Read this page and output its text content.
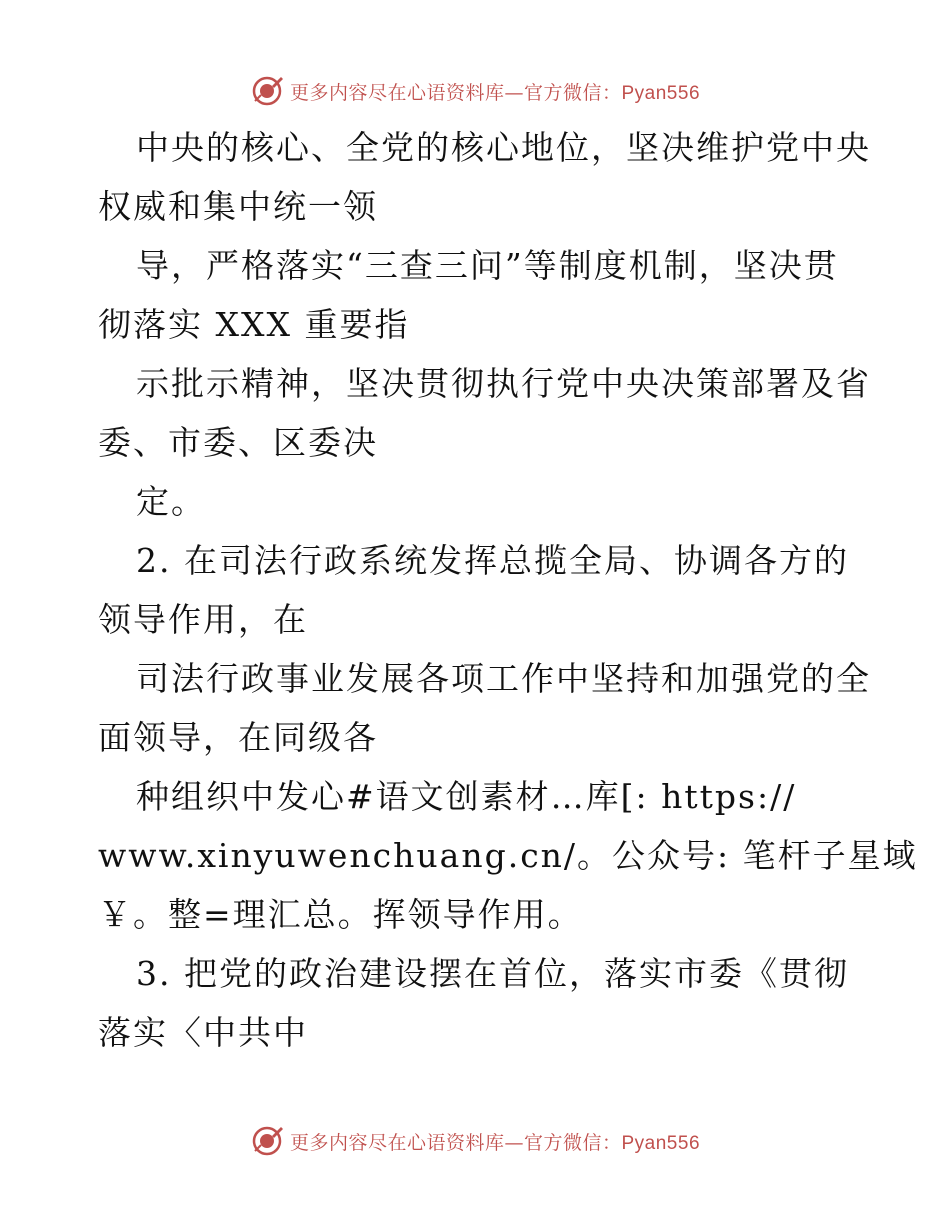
更多内容尽在心语资料库—官方微信：Pyan556
中央的核心、全党的核心地位，坚决维护党中央
权威和集中统一领
导，严格落实“三查三问”等制度机制，坚决贯
彻落实 XXX 重要指
示批示精神，坚决贯彻执行党中央决策部署及省
委、市委、区委决
定。
2. 在司法行政系统发挥总揽全局、协调各方的
领导作用，在
司法行政事业发展各项工作中坚持和加强党的全
面领导，在同级各
种组织中发心#语文创素材…库[: https://
www.xinyuwenchuang.cn/。公众号: 笔杆子星域
￥。整=理汇总。挥领导作用。
3. 把党的政治建设摆在首位，落实市委《贯彻
落实〈中共中
更多内容尽在心语资料库—官方微信：Pyan556
